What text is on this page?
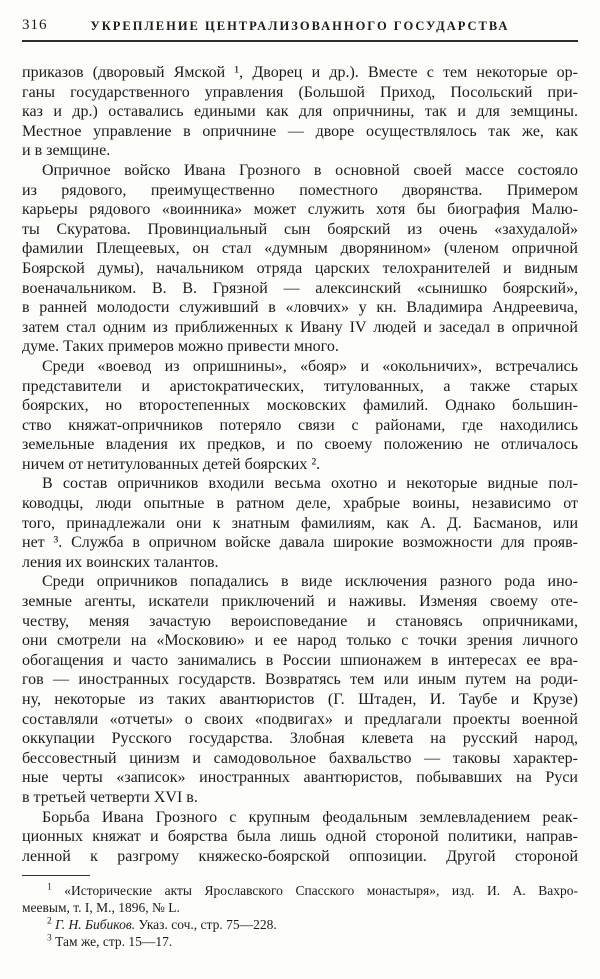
316	УКРЕПЛЕНИЕ ЦЕНТРАЛИЗОВАННОГО ГОСУДАРСТВА
приказов (дворовый Ямской ¹, Дворец и др.). Вместе с тем некоторые ор-
ганы государственного управления (Большой Приход, Посольский при-
каз и др.) оставались едиными как для опричнины, так и для земщины.
Местное управление в опричнине — дворе осуществлялось так же, как
и в земщине.
Опричное войско Ивана Грозного в основной своей массе состояло
из рядового, преимущественно поместного дворянства. Примером
карьеры рядового «воинника» может служить хотя бы биография Малю-
ты Скуратова. Провинциальный сын боярский из очень «захудалой»
фамилии Плещеевых, он стал «думным дворянином» (членом опричной
Боярской думы), начальником отряда царских телохранителей и видным
военачальником. В. В. Грязной — алексинский «сынишко боярский»,
в ранней молодости служивший в «ловчих» у кн. Владимира Андреевича,
затем стал одним из приближенных к Ивану IV людей и заседал в опричной
думе. Таких примеров можно привести много.
Среди «воевод из опришнины», «бояр» и «окольничих», встречались
представители и аристократических, титулованных, а также старых
боярских, но второстепенных московских фамилий. Однако большин-
ство княжат-опричников потеряло связи с районами, где находились
земельные владения их предков, и по своему положению не отличалось
ничем от нетитулованных детей боярских ².
В состав опричников входили весьма охотно и некоторые видные пол-
ководцы, люди опытные в ратном деле, храбрые воины, независимо от
того, принадлежали они к знатным фамилиям, как А. Д. Басманов, или
нет ³. Служба в опричном войске давала широкие возможности для прояв-
ления их воинских талантов.
Среди опричников попадались в виде исключения разного рода ино-
земные агенты, искатели приключений и наживы. Изменяя своему оте-
честву, меняя зачастую вероисповедание и становясь опричниками,
они смотрели на «Московию» и ее народ только с точки зрения личного
обогащения и часто занимались в России шпионажем в интересах ее вра-
гов — иностранных государств. Возвратясь тем или иным путем на роди-
ну, некоторые из таких авантюристов (Г. Штаден, И. Таубе и Крузе)
составляли «отчеты» о своих «подвигах» и предлагали проекты военной
оккупации Русского государства. Злобная клевета на русский народ,
бессовестный цинизм и самодовольное бахвальство — таковы характер-
ные черты «записок» иностранных авантюристов, побывавших на Руси
в третьей четверти XVI в.
Борьба Ивана Грозного с крупным феодальным землевладением реак-
ционных княжат и боярства была лишь одной стороной политики, направ-
ленной к разгрому княжеско-боярской оппозиции. Другой стороной
$^1$ «Исторические акты Ярославского Спасского монастыря», изд. И. А. Вахро-
меевым, т. I, М., 1896, № L.
$^2$ Г. Н. Бибиков. Указ. соч., стр. 75—228.
$^3$ Там же, стр. 15—17.
